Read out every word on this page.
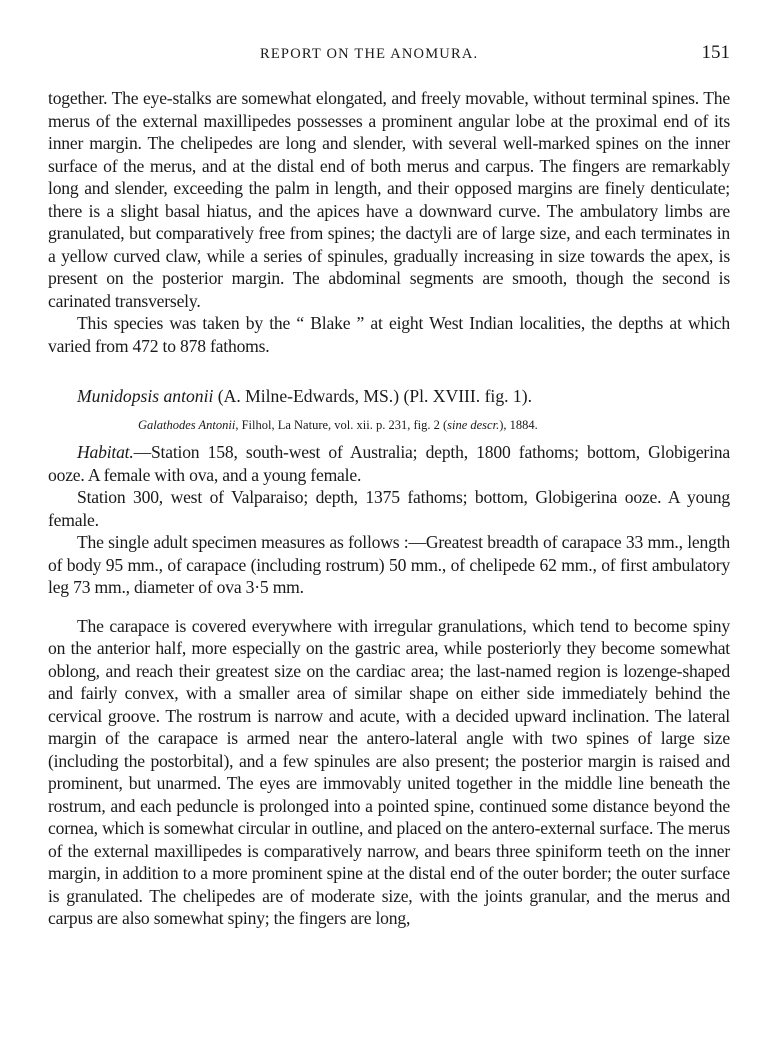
REPORT ON THE ANOMURA.	151

together. The eye-stalks are somewhat elongated, and freely movable, without terminal spines. The merus of the external maxillipedes possesses a prominent angular lobe at the proximal end of its inner margin. The chelipedes are long and slender, with several well-marked spines on the inner surface of the merus, and at the distal end of both merus and carpus. The fingers are remarkably long and slender, exceeding the palm in length, and their opposed margins are finely denticulate; there is a slight basal hiatus, and the apices have a downward curve. The ambulatory limbs are granulated, but comparatively free from spines; the dactyli are of large size, and each terminates in a yellow curved claw, while a series of spinules, gradually increasing in size towards the apex, is present on the posterior margin. The abdominal segments are smooth, though the second is carinated transversely.

This species was taken by the “ Blake ” at eight West Indian localities, the depths at which varied from 472 to 878 fathoms.

Munidopsis antonii (A. Milne-Edwards, MS.) (Pl. XVIII. fig. 1).
Galathodes Antonii, Filhol, La Nature, vol. xii. p. 231, fig. 2 (sine descr.), 1884.

Habitat.—Station 158, south-west of Australia; depth, 1800 fathoms; bottom, Globigerina ooze. A female with ova, and a young female.

Station 300, west of Valparaiso; depth, 1375 fathoms; bottom, Globigerina ooze. A young female.

The single adult specimen measures as follows :—Greatest breadth of carapace 33 mm., length of body 95 mm., of carapace (including rostrum) 50 mm., of chelipede 62 mm., of first ambulatory leg 73 mm., diameter of ova 3·5 mm.

The carapace is covered everywhere with irregular granulations, which tend to become spiny on the anterior half, more especially on the gastric area, while posteriorly they become somewhat oblong, and reach their greatest size on the cardiac area; the last-named region is lozenge-shaped and fairly convex, with a smaller area of similar shape on either side immediately behind the cervical groove. The rostrum is narrow and acute, with a decided upward inclination. The lateral margin of the carapace is armed near the antero-lateral angle with two spines of large size (including the postorbital), and a few spinules are also present; the posterior margin is raised and prominent, but unarmed. The eyes are immovably united together in the middle line beneath the rostrum, and each peduncle is prolonged into a pointed spine, continued some distance beyond the cornea, which is somewhat circular in outline, and placed on the antero-external surface. The merus of the external maxillipedes is comparatively narrow, and bears three spiniform teeth on the inner margin, in addition to a more prominent spine at the distal end of the outer border; the outer surface is granulated. The chelipedes are of moderate size, with the joints granular, and the merus and carpus are also somewhat spiny; the fingers are long,
